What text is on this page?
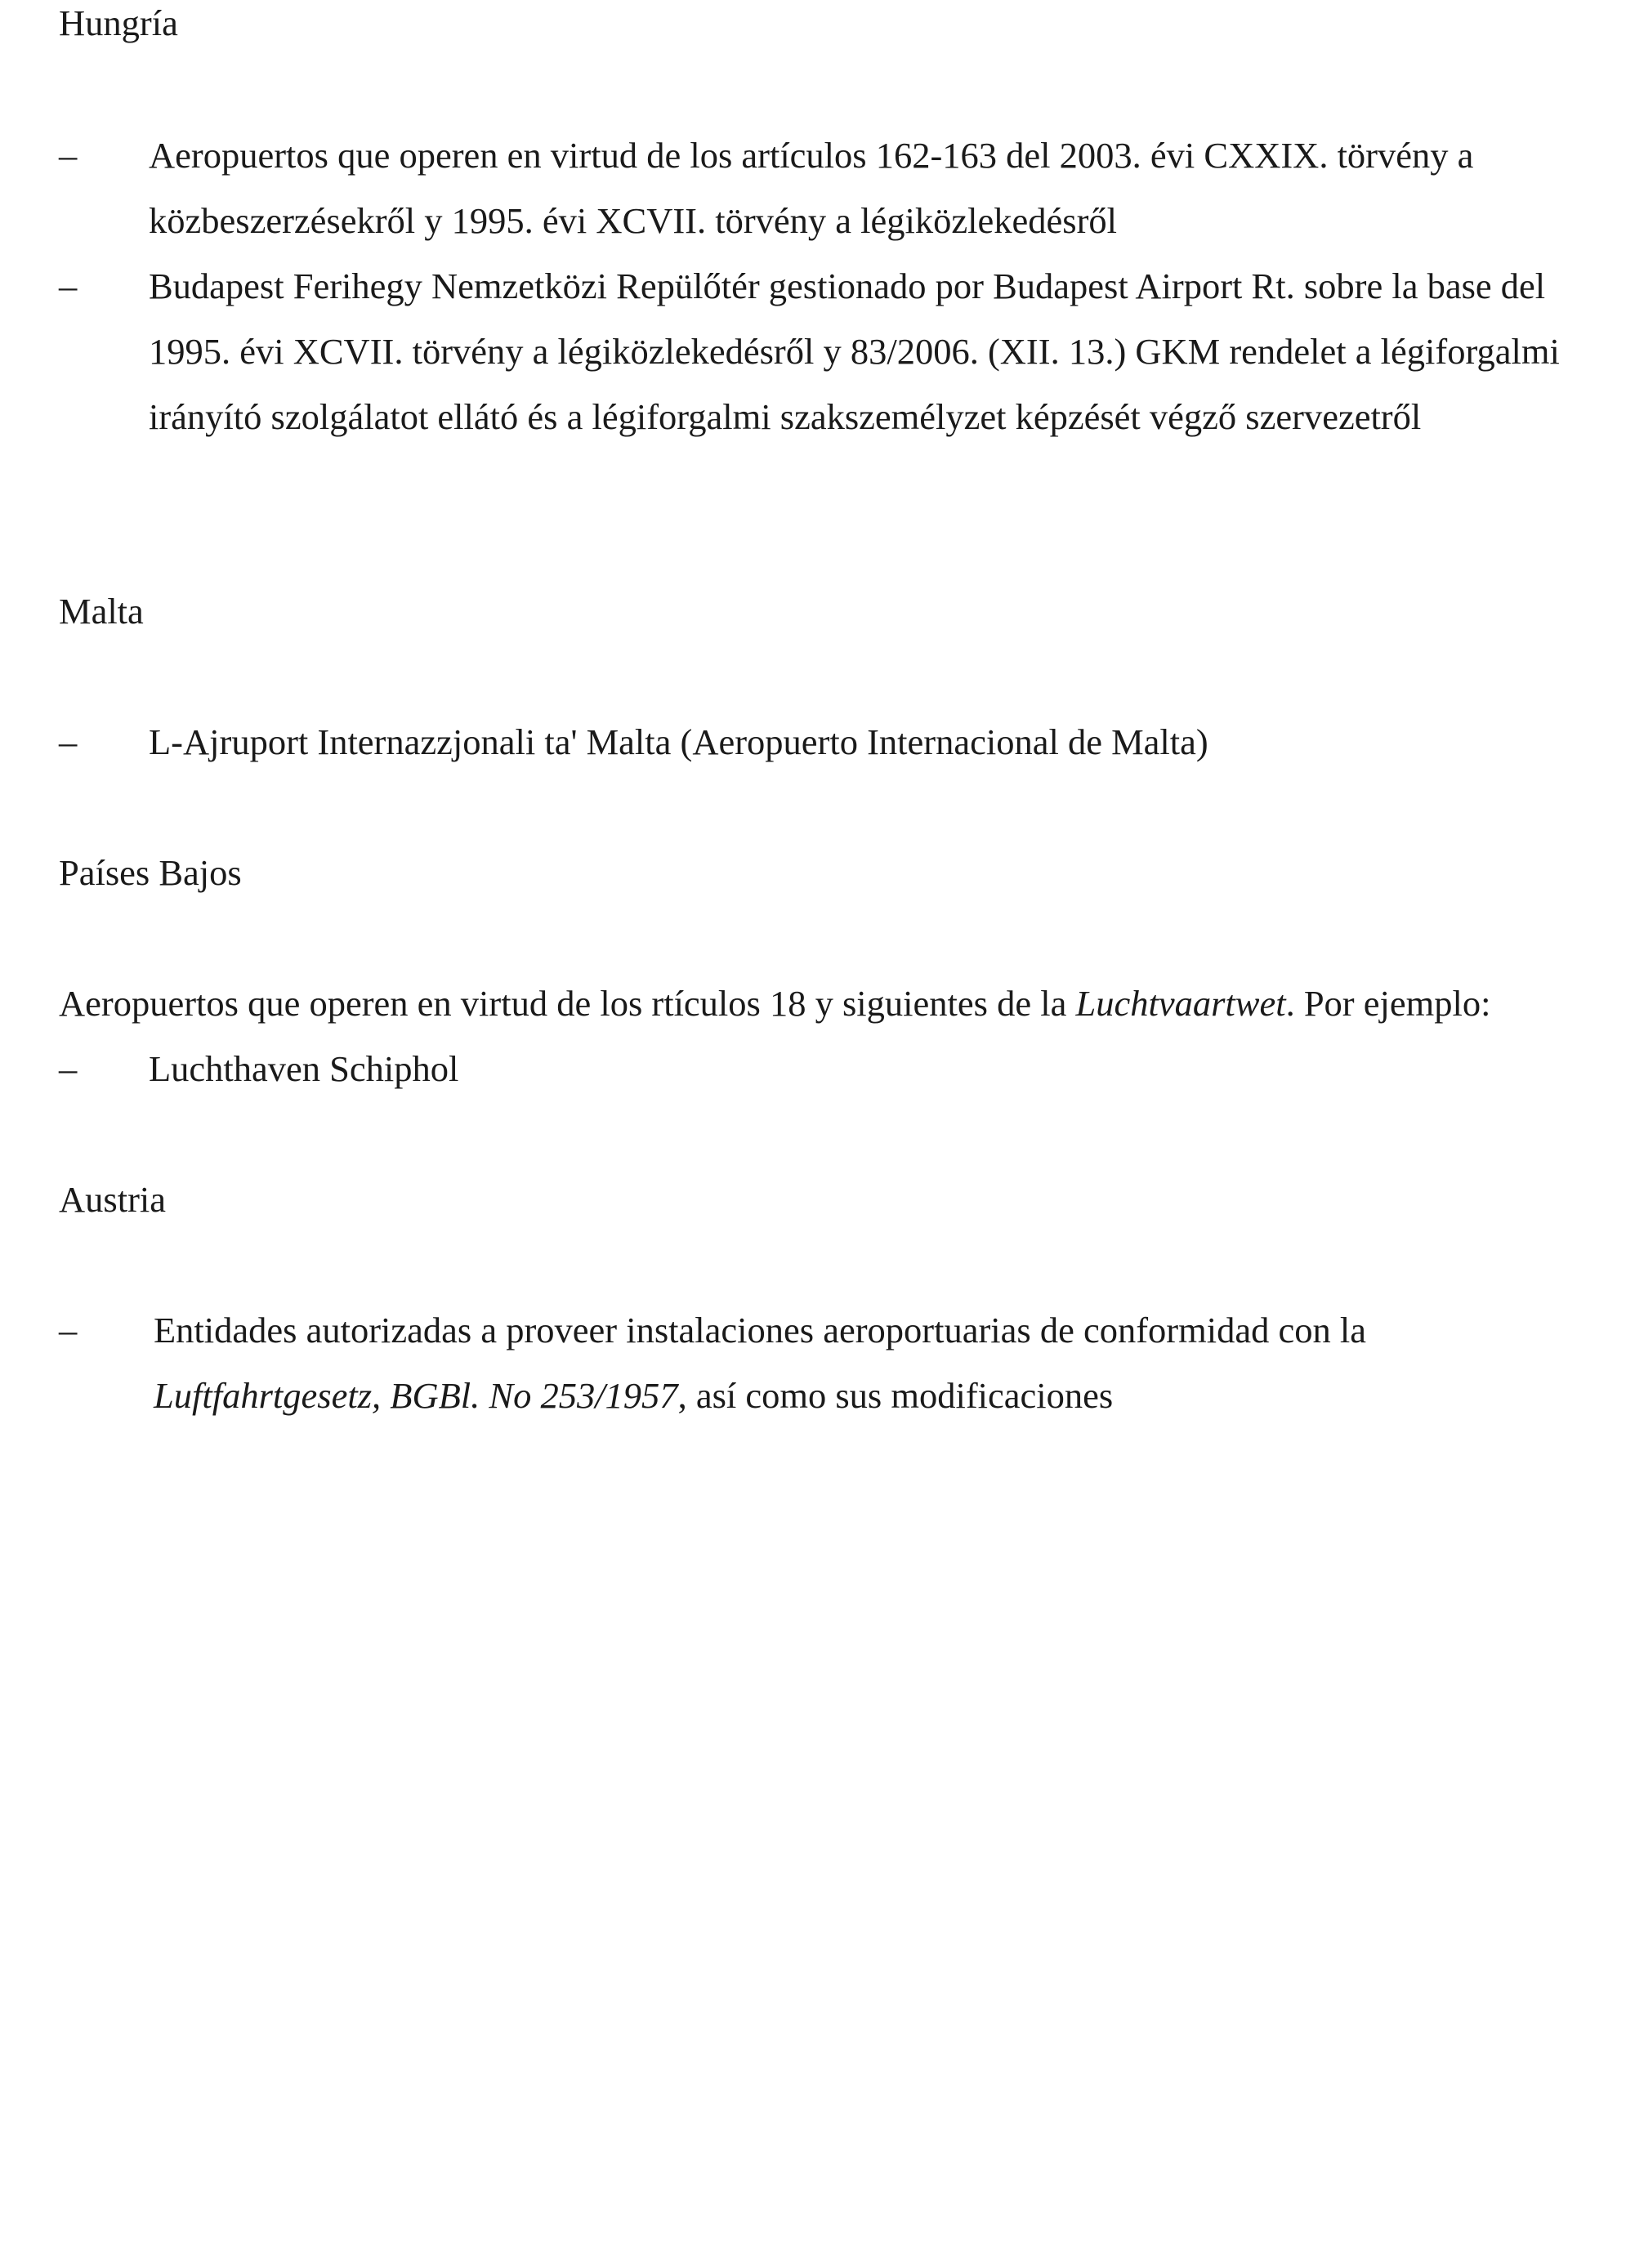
Hungría
– Aeropuertos que operen en virtud de los artículos 162-163 del 2003. évi CXXIX. törvény a közbeszerzésekről y 1995. évi XCVII. törvény a légiközlekedésről
– Budapest Ferihegy Nemzetközi Repülőtér gestionado por Budapest Airport Rt. sobre la base del 1995. évi XCVII. törvény a légiközlekedésről y 83/2006. (XII. 13.) GKM rendelet a légiforgalmi irányító szolgálatot ellátó és a légiforgalmi szakszemélyzet képzését végző szervezetről
Malta
– L-Ajruport Internazzjonali ta' Malta (Aeropuerto Internacional de Malta)
Países Bajos
Aeropuertos que operen en virtud de los rtículos 18 y siguientes de la Luchtvaartwet. Por ejemplo:
– Luchthaven Schiphol
Austria
– Entidades autorizadas a proveer instalaciones aeroportuarias de conformidad con la Luftfahrtgesetz, BGBl. No 253/1957, así como sus modificaciones
